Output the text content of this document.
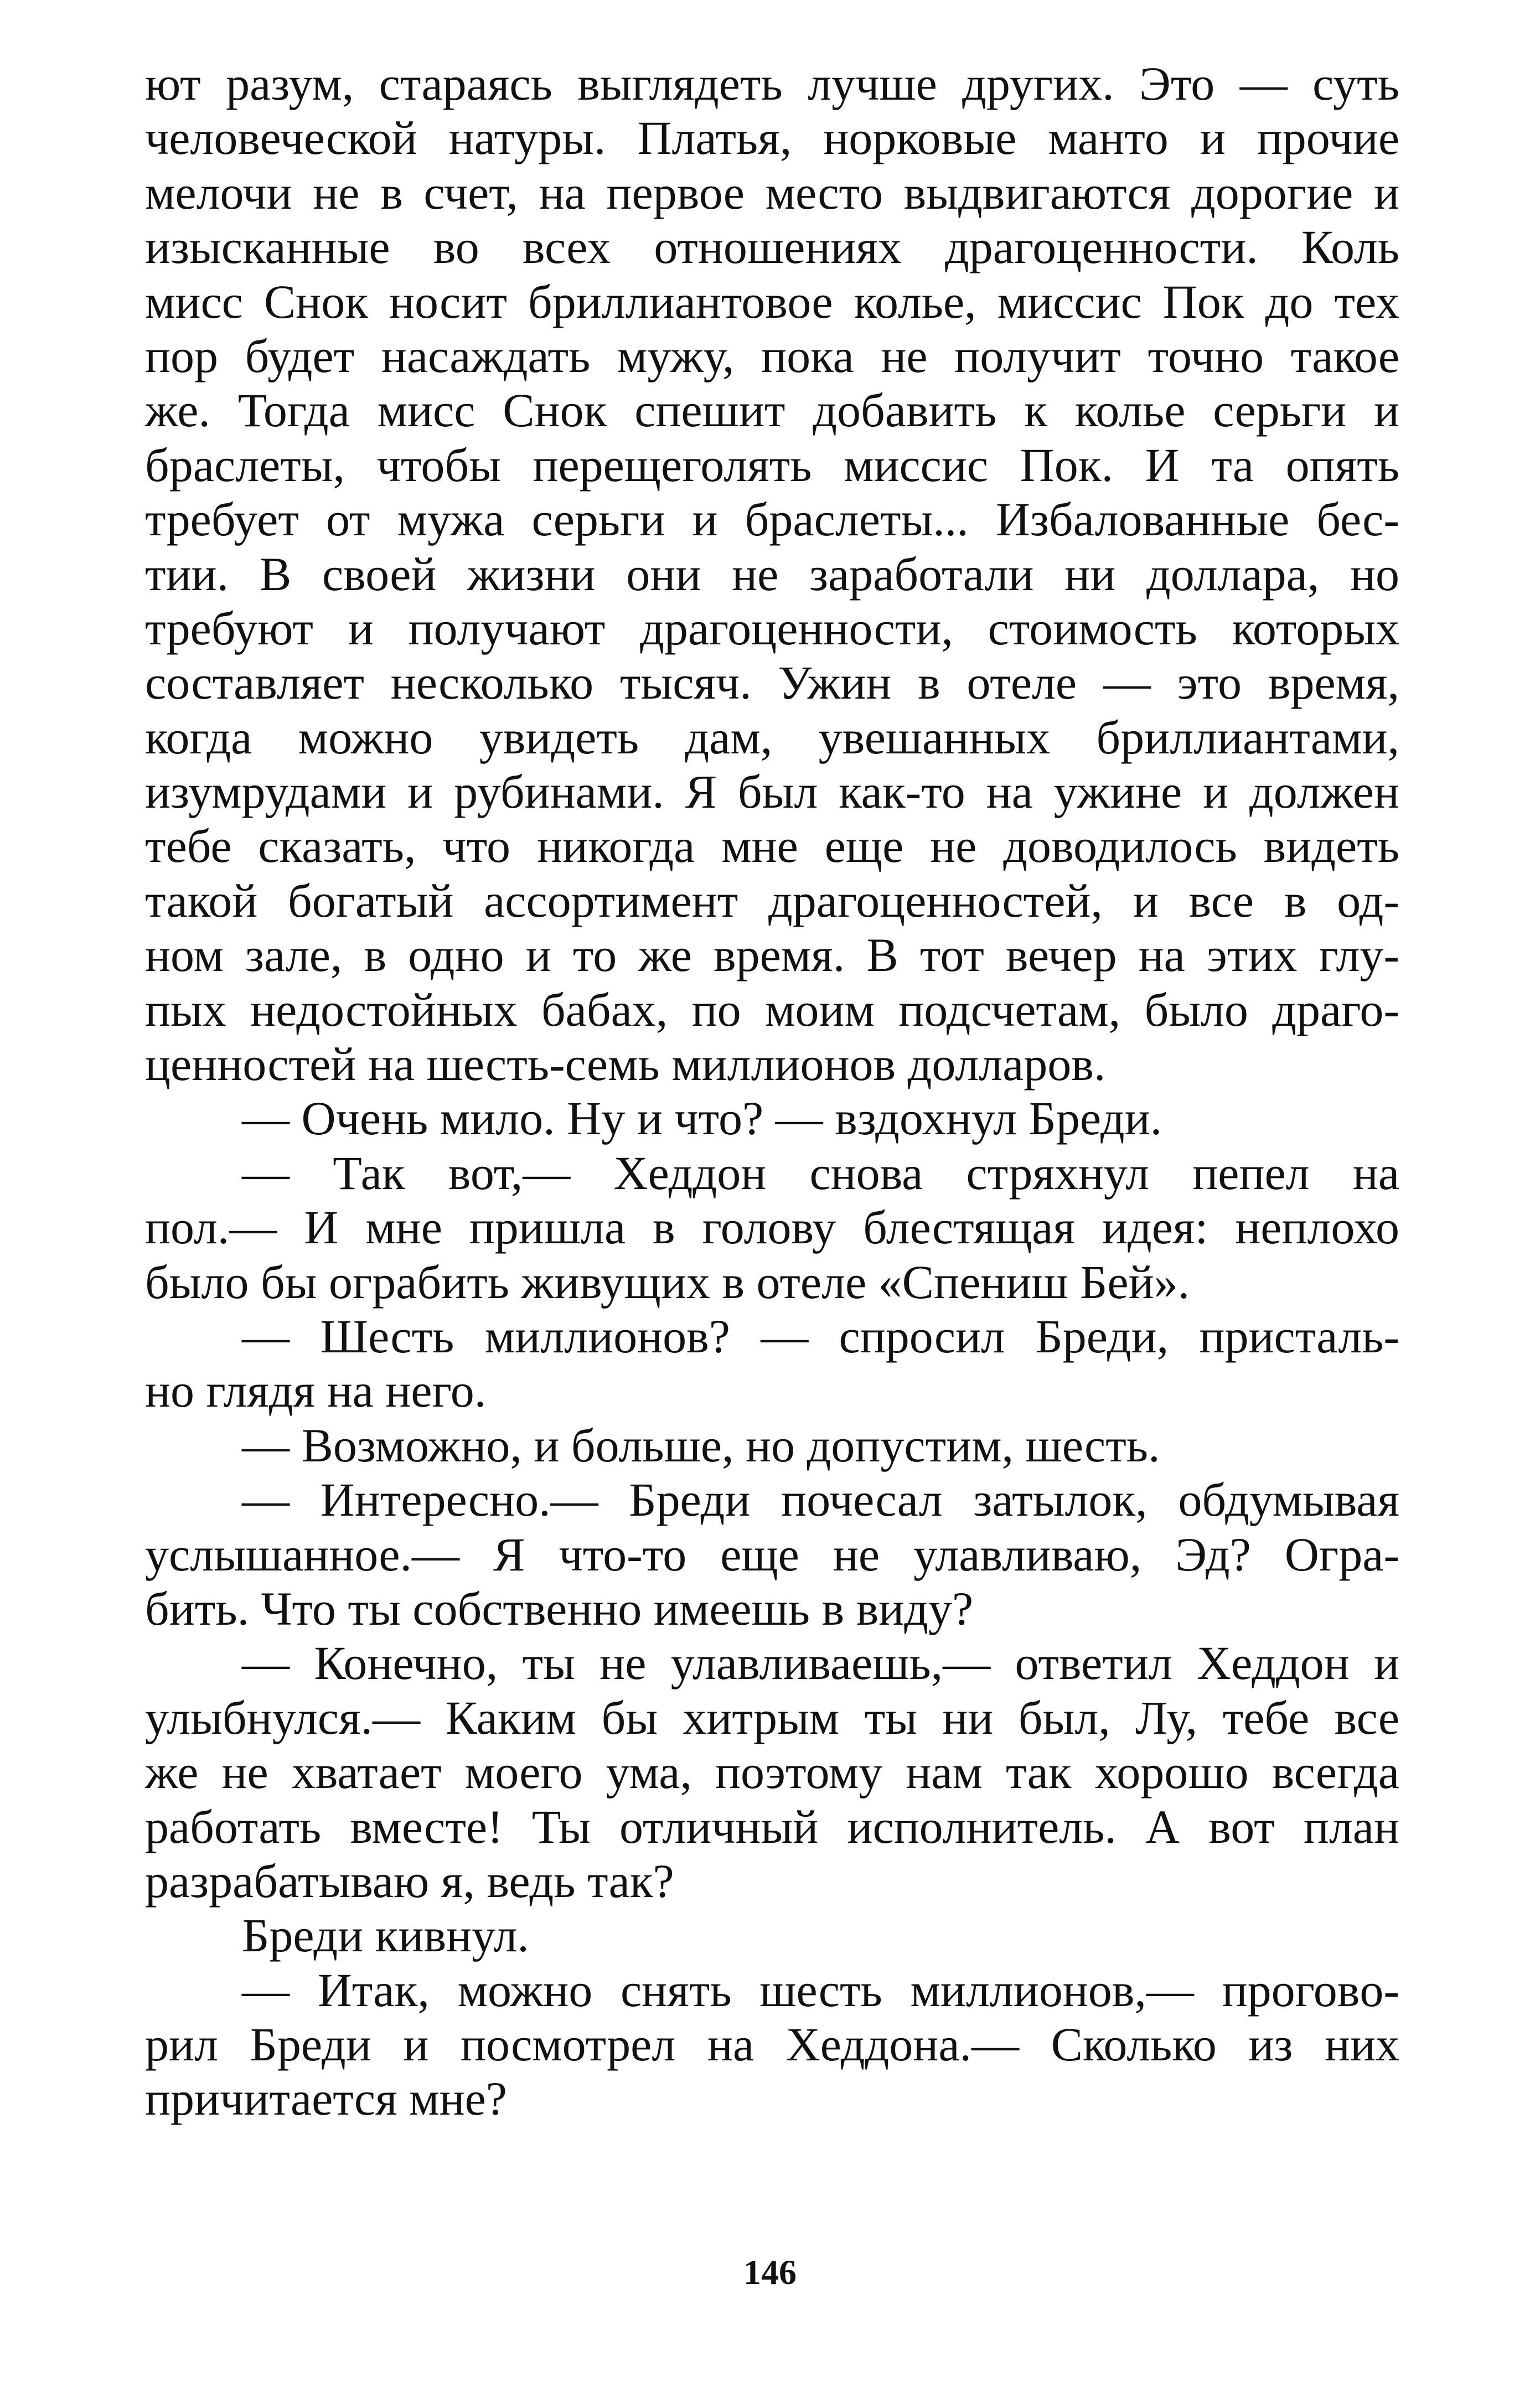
ют разум, стараясь выглядеть лучше других. Это — суть
человеческой натуры. Платья, норковые манто и прочие
мелочи не в счет, на первое место выдвигаются дорогие и
изысканные во всех отношениях драгоценности. Коль
мисс Снок носит бриллиантовое колье, миссис Пок до тех
пор будет насаждать мужу, пока не получит точно такое
же. Тогда мисс Снок спешит добавить к колье серьги и
браслеты, чтобы перещеголять миссис Пок. И та опять
требует от мужа серьги и браслеты... Избалованные бес-
тии. В своей жизни они не заработали ни доллара, но
требуют и получают драгоценности, стоимость которых
составляет несколько тысяч. Ужин в отеле — это время,
когда можно увидеть дам, увешанных бриллиантами,
изумрудами и рубинами. Я был как-то на ужине и должен
тебе сказать, что никогда мне еще не доводилось видеть
такой богатый ассортимент драгоценностей, и все в од-
ном зале, в одно и то же время. В тот вечер на этих глу-
пых недостойных бабах, по моим подсчетам, было драго-
ценностей на шесть-семь миллионов долларов.
— Очень мило. Ну и что? — вздохнул Бреди.
— Так вот,— Хеддон снова стряхнул пепел на
пол.— И мне пришла в голову блестящая идея: неплохо
было бы ограбить живущих в отеле «Спениш Бей».
— Шесть миллионов? — спросил Бреди, присталь-
но глядя на него.
— Возможно, и больше, но допустим, шесть.
— Интересно.— Бреди почесал затылок, обдумывая
услышанное.— Я что-то еще не улавливаю, Эд? Огра-
бить. Что ты собственно имеешь в виду?
— Конечно, ты не улавливаешь,— ответил Хеддон и
улыбнулся.— Каким бы хитрым ты ни был, Лу, тебе все
же не хватает моего ума, поэтому нам так хорошо всегда
работать вместе! Ты отличный исполнитель. А вот план
разрабатываю я, ведь так?
Бреди кивнул.
— Итак, можно снять шесть миллионов,— проговo-
рил Бреди и посмотрел на Хеддона.— Сколько из них
причитается мне?
146
